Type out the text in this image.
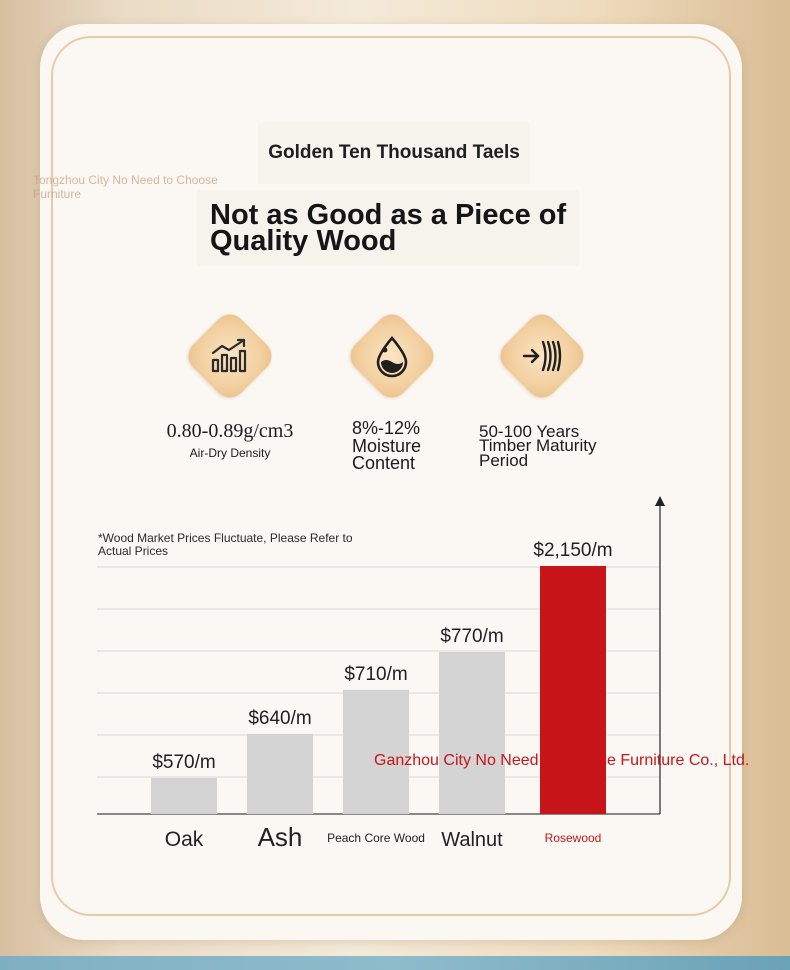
Tongzhou City No Need to Choose Furniture
Golden Ten Thousand Taels
Not as Good as a Piece of Quality Wood
0.80-0.89g/cm3
Air-Dry Density
8%-12%
Moisture Content
50-100 Years
Timber Maturity Period
*Wood Market Prices Fluctuate, Please Refer to Actual Prices
$570/m
Oak
$640/m
Ash
$710/m
Peach Core Wood
$770/m
Walnut
$2,150/m
Rosewood
Ganzhou City No Need to Choose Furniture Co., Ltd.
